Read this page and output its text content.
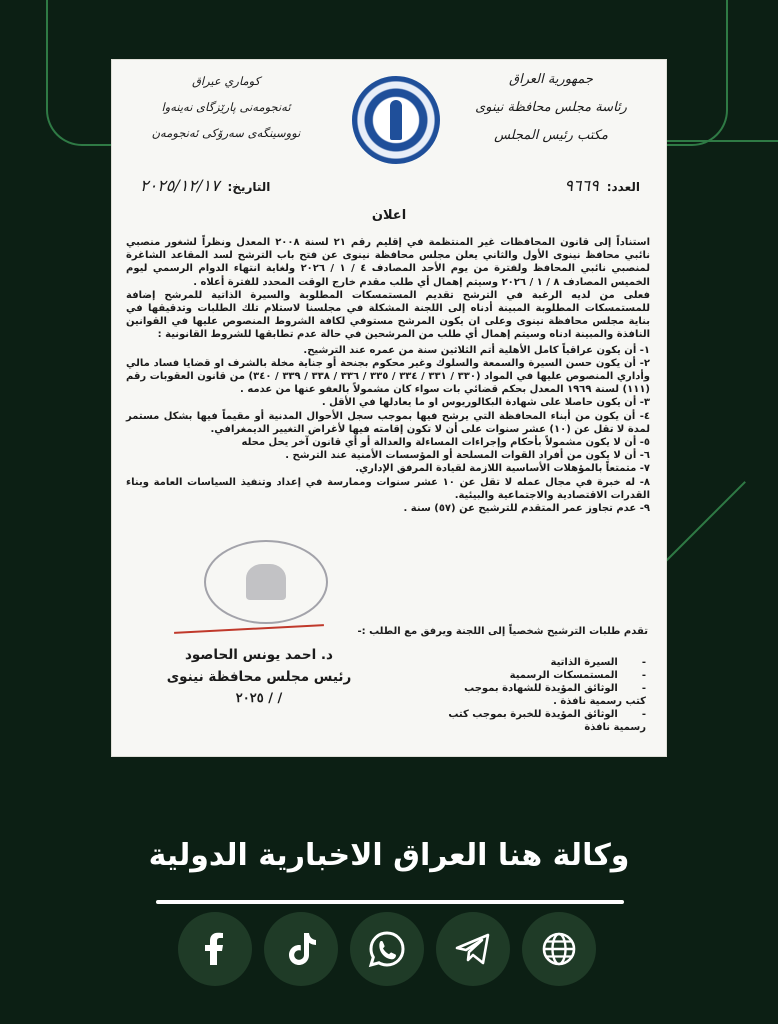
جمهورية العراق
رئاسة مجلس محافظة نينوى
مكتب رئيس المجلس
كوماري عيراق
ئەنجومەنی پارێزگای نەینەوا
نووسینگەی سەرۆکی ئەنجومەن
العدد:٩٦٦٩
التاريخ:٢٠٢٥/١٢/١٧
اعلان

استناداً إلى قانون المحافظات غير المنتظمة في إقليم رقم ٢١ لسنة ٢٠٠٨ المعدل ونظراً لشغور منصبي نائبي محافظ نينوى الأول والثاني يعلن مجلس محافظة نينوى عن فتح باب الترشح لسد المقاعد الشاغرة لمنصبي نائبي المحافظ ولفترة من يوم الأحد المصادف ٤ / ١ / ٢٠٢٦ ولغاية انتهاء الدوام الرسمي ليوم الخميس المصادف ٨ / ١ / ٢٠٢٦ وسيتم إهمال أي طلب مقدم خارج الوقت المحدد للفترة أعلاه .

فعلى من لديه الرغبة في الترشح تقديم المستمسكات المطلوبة والسيرة الذاتية للمرشح إضافة للمستمسكات المطلوبة المبينة أدناه إلى اللجنة المشكلة في مجلسنا لاستلام تلك الطلبات وتدقيقها في بناية مجلس محافظة نينوى وعلى ان يكون المرشح مستوفي لكافة الشروط المنصوص عليها في القوانين النافذة والمبينة ادناه وسيتم إهمال أي طلب من المرشحين في حالة عدم تطابقها للشروط القانونية :

١- أن يكون عراقياً كامل الأهلية أتم الثلاثين سنة من عمره عند الترشيح.
٢- أن يكون حسن السيرة والسمعة والسلوك وغير محكوم بجنحة أو جناية مخلة بالشرف او قضايا فساد مالي وأداري المنصوص عليها في المواد (٣٣٠ / ٣٣١ / ٣٣٤ / ٣٣٥ / ٣٣٦ / ٣٣٨ / ٣٣٩ / ٣٤٠) من قانون العقوبات رقم (١١١) لسنة ١٩٦٩ المعدل بحكم قضائي بات سواء كان مشمولاً بالعفو عنها من عدمه .
٣- أن يكون حاصلا على شهادة البكالوريوس او ما يعادلها في الأقل .
٤- أن يكون من أبناء المحافظة التي يرشح فيها بموجب سجل الأحوال المدنية أو مقيماً فيها بشكل مستمر لمدة لا تقل عن (١٠) عشر سنوات على أن لا تكون إقامته فيها لأغراض التغيير الديمغرافي.
٥- أن لا يكون مشمولاً بأحكام وإجراءات المساءلة والعدالة أو أي قانون آخر يحل محله
٦- أن لا يكون من أفراد القوات المسلحة أو المؤسسات الأمنية عند الترشح .
٧- متمتعاً بالمؤهلات الأساسية اللازمة لقيادة المرفق الإداري.
٨- له خبرة في مجال عمله لا تقل عن ١٠ عشر سنوات وممارسة في إعداد وتنفيذ السياسات العامة وبناء القدرات الاقتصادية والاجتماعية والبيئية.
٩- عدم تجاوز عمر المتقدم للترشيح عن (٥٧) سنة .
تقدم طلبات الترشيح شخصياً إلى اللجنة ويرفق مع الطلب :-
- السيرة الذاتية
- المستمسكات الرسمية
- الوثائق المؤيدة للشهادة بموجب كتب رسمية نافذة .
- الوثائق المؤيدة للخبرة بموجب كتب رسمية نافذة
د. احمد يونس الحاصود
رئيس مجلس محافظة نينوى
/ / ٢٠٢٥
وكالة هنا العراق الاخبارية الدولية
